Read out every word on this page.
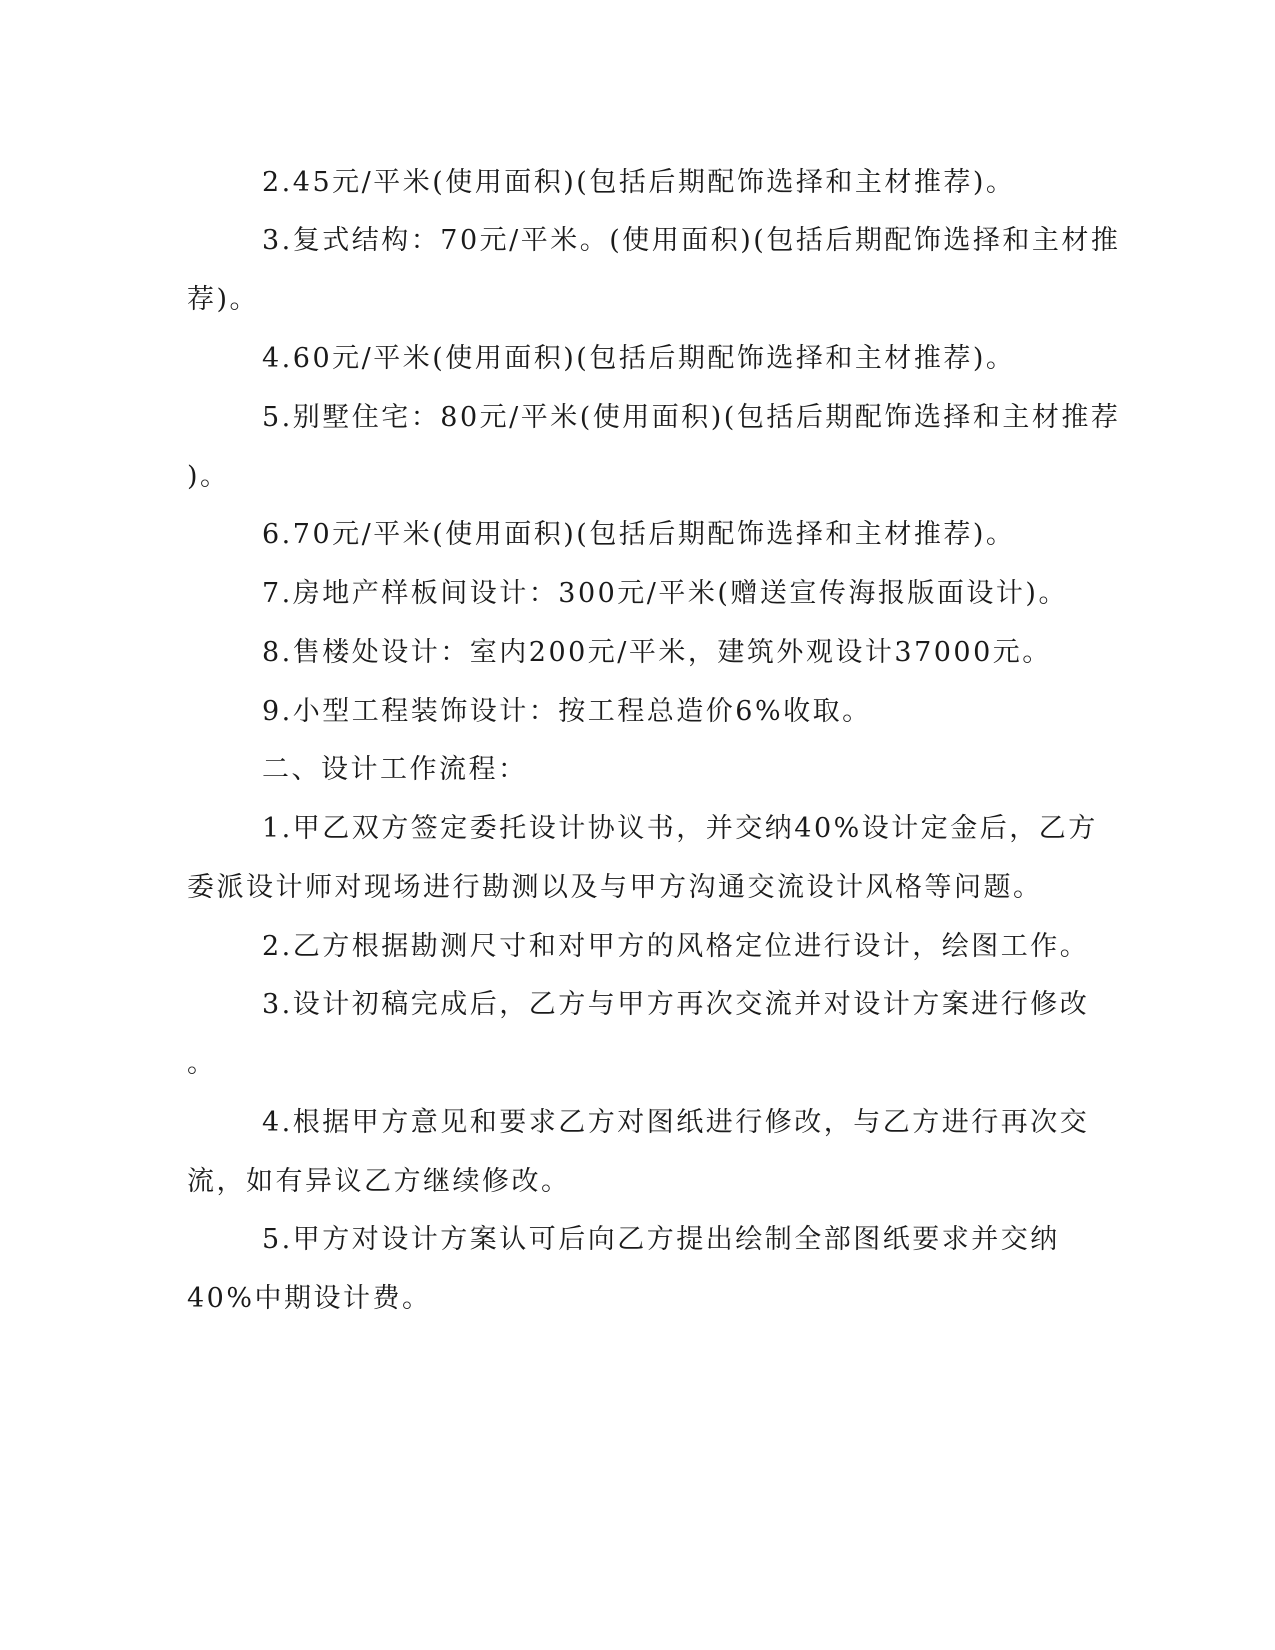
2.45元/平米(使用面积)(包括后期配饰选择和主材推荐)。
3.复式结构：70元/平米。(使用面积)(包括后期配饰选择和主材推
荐)。
4.60元/平米(使用面积)(包括后期配饰选择和主材推荐)。
5.别墅住宅：80元/平米(使用面积)(包括后期配饰选择和主材推荐
)。
6.70元/平米(使用面积)(包括后期配饰选择和主材推荐)。
7.房地产样板间设计：300元/平米(赠送宣传海报版面设计)。
8.售楼处设计：室内200元/平米，建筑外观设计37000元。
9.小型工程装饰设计：按工程总造价6%收取。
二、设计工作流程：
1.甲乙双方签定委托设计协议书，并交纳40%设计定金后，乙方
委派设计师对现场进行勘测以及与甲方沟通交流设计风格等问题。
2.乙方根据勘测尺寸和对甲方的风格定位进行设计，绘图工作。
3.设计初稿完成后，乙方与甲方再次交流并对设计方案进行修改
。
4.根据甲方意见和要求乙方对图纸进行修改，与乙方进行再次交
流，如有异议乙方继续修改。
5.甲方对设计方案认可后向乙方提出绘制全部图纸要求并交纳
40%中期设计费。
